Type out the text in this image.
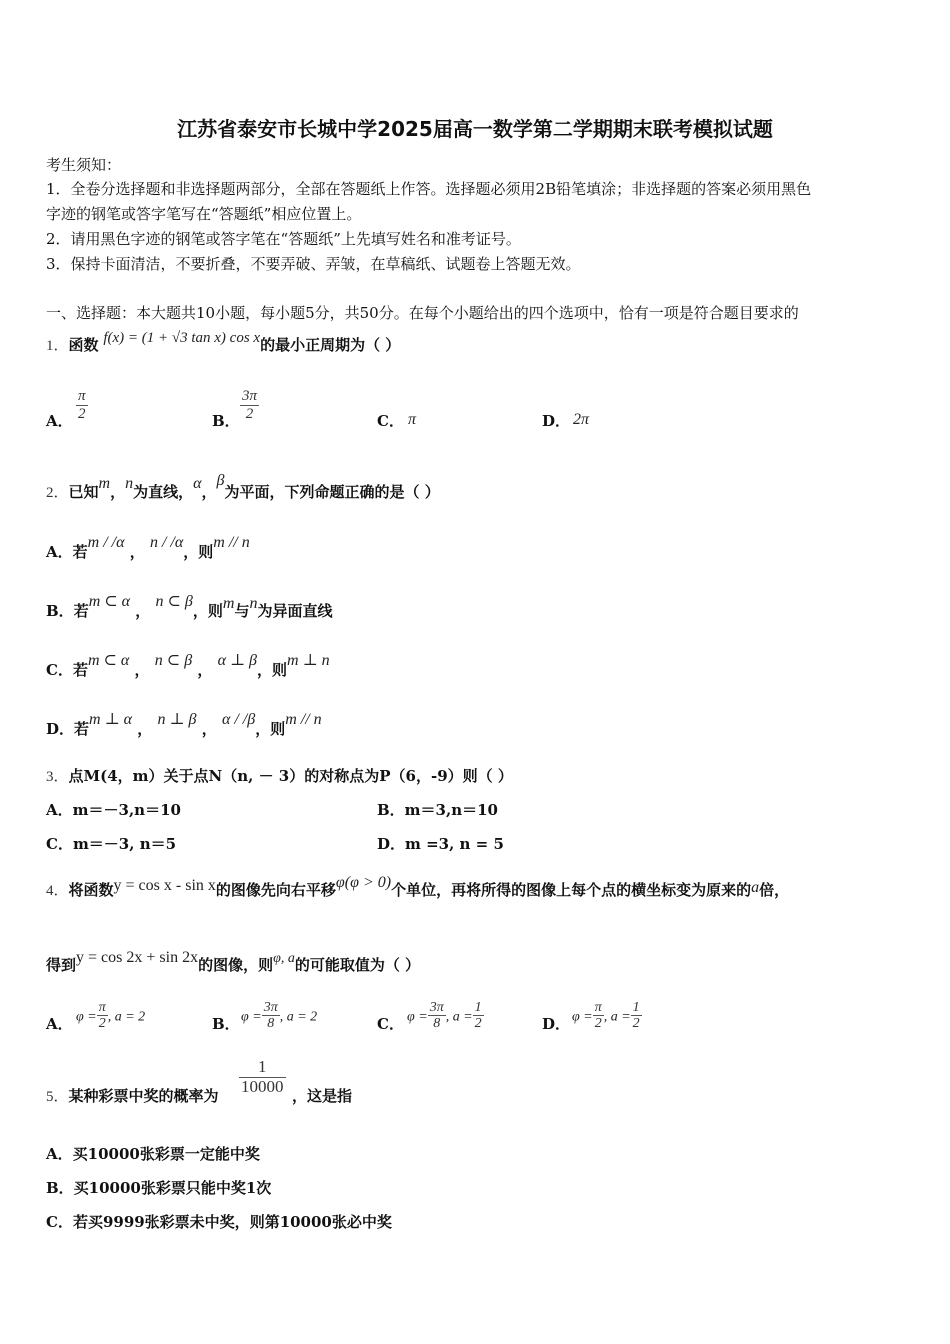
江苏省泰安市长城中学2025届高一数学第二学期期末联考模拟试题
考生须知：
1．全卷分选择题和非选择题两部分，全部在答题纸上作答。选择题必须用2B铅笔填涂；非选择题的答案必须用黑色
字迹的钢笔或答字笔写在“答题纸”相应位置上。
2．请用黑色字迹的钢笔或答字笔在“答题纸”上先填写姓名和准考证号。
3．保持卡面清洁，不要折叠，不要弄破、弄皱，在草稿纸、试题卷上答题无效。
一、选择题：本大题共10小题，每小题5分，共50分。在每个小题给出的四个选项中，恰有一项是符合题目要求的
1．函数 f(x) = (1 + √3 tan x) cos x的最小正周期为（ ）
A． $\frac{\pi}{2}$	B． $\frac{3\pi}{2}$	C． π	D． 2π
2．已知m，n为直线，α，β为平面，下列命题正确的是（ ）
A．若m / /α ， n / /α，则m // n
B．若m ⊂ α ， n ⊂ β，则m与n为异面直线
C．若m ⊂ α ， n ⊂ β ， α ⊥ β，则m ⊥ n
D．若m ⊥ α ， n ⊥ β ， α / /β，则m // n
3．点M(4，m）关于点N（n, － 3）的对称点为P（6，-9）则（ ）
A．m＝－3,n＝10	B．m＝3,n＝10
C．m＝－3, n＝5	D．m =3, n = 5
4．将函数y = cos x - sin x的图像先向右平移φ(φ > 0)个单位，再将所得的图像上每个点的横坐标变为原来的a倍，
得到y = cos 2x + sin 2x的图像，则φ, a的可能取值为（ ）
A． $\varphi = \frac{\pi}{2}$ , a = 2	B． $\varphi = \frac{3\pi}{8}$ , a = 2	C． $\varphi = \frac{3\pi}{8}$ , $a = \frac{1}{2}$	D． $\varphi = \frac{\pi}{2}$ , $a = \frac{1}{2}$
5．某种彩票中奖的概率为 $\frac{1}{10000}$ ，这是指
A．买10000张彩票一定能中奖
B．买10000张彩票只能中奖1次
C．若买9999张彩票未中奖，则第10000张必中奖
